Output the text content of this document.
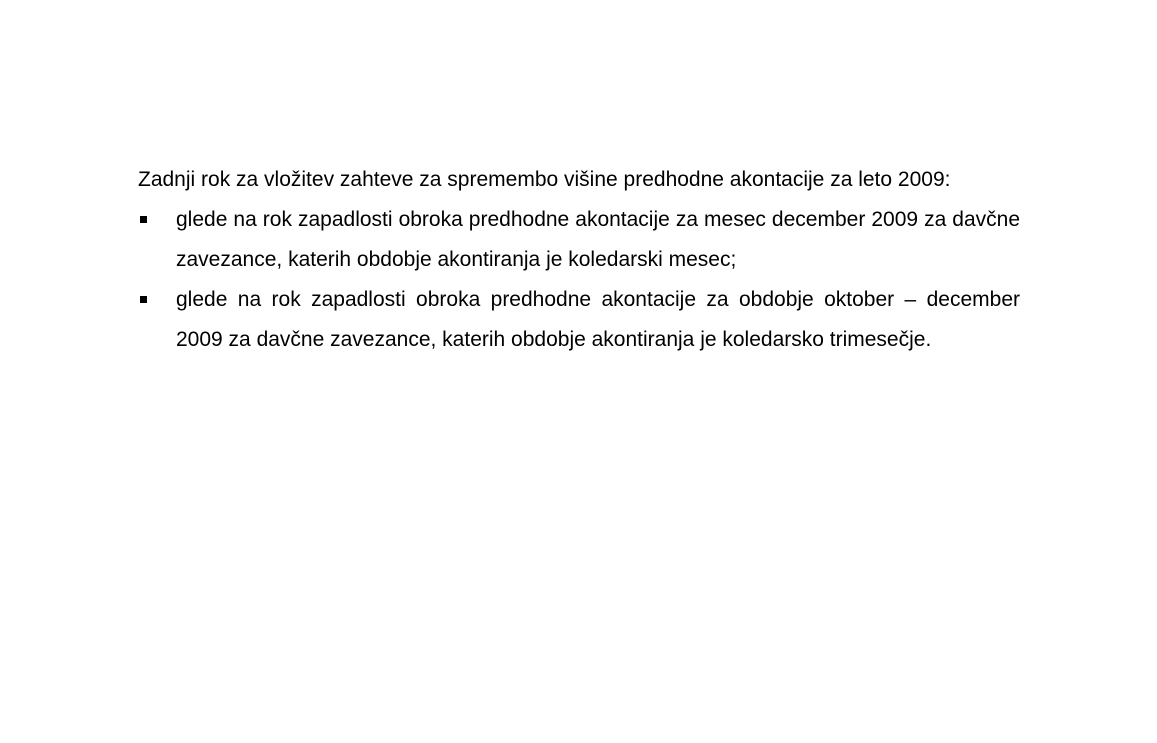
Zadnji rok za vložitev zahteve za spremembo višine predhodne akontacije za leto 2009:

glede na rok zapadlosti obroka predhodne akontacije za mesec december 2009 za davčne zavezance, katerih obdobje akontiranja je koledarski mesec;
glede na rok zapadlosti obroka predhodne akontacije za obdobje oktober – december 2009 za davčne zavezance, katerih obdobje akontiranja je koledarsko trimesečje.
